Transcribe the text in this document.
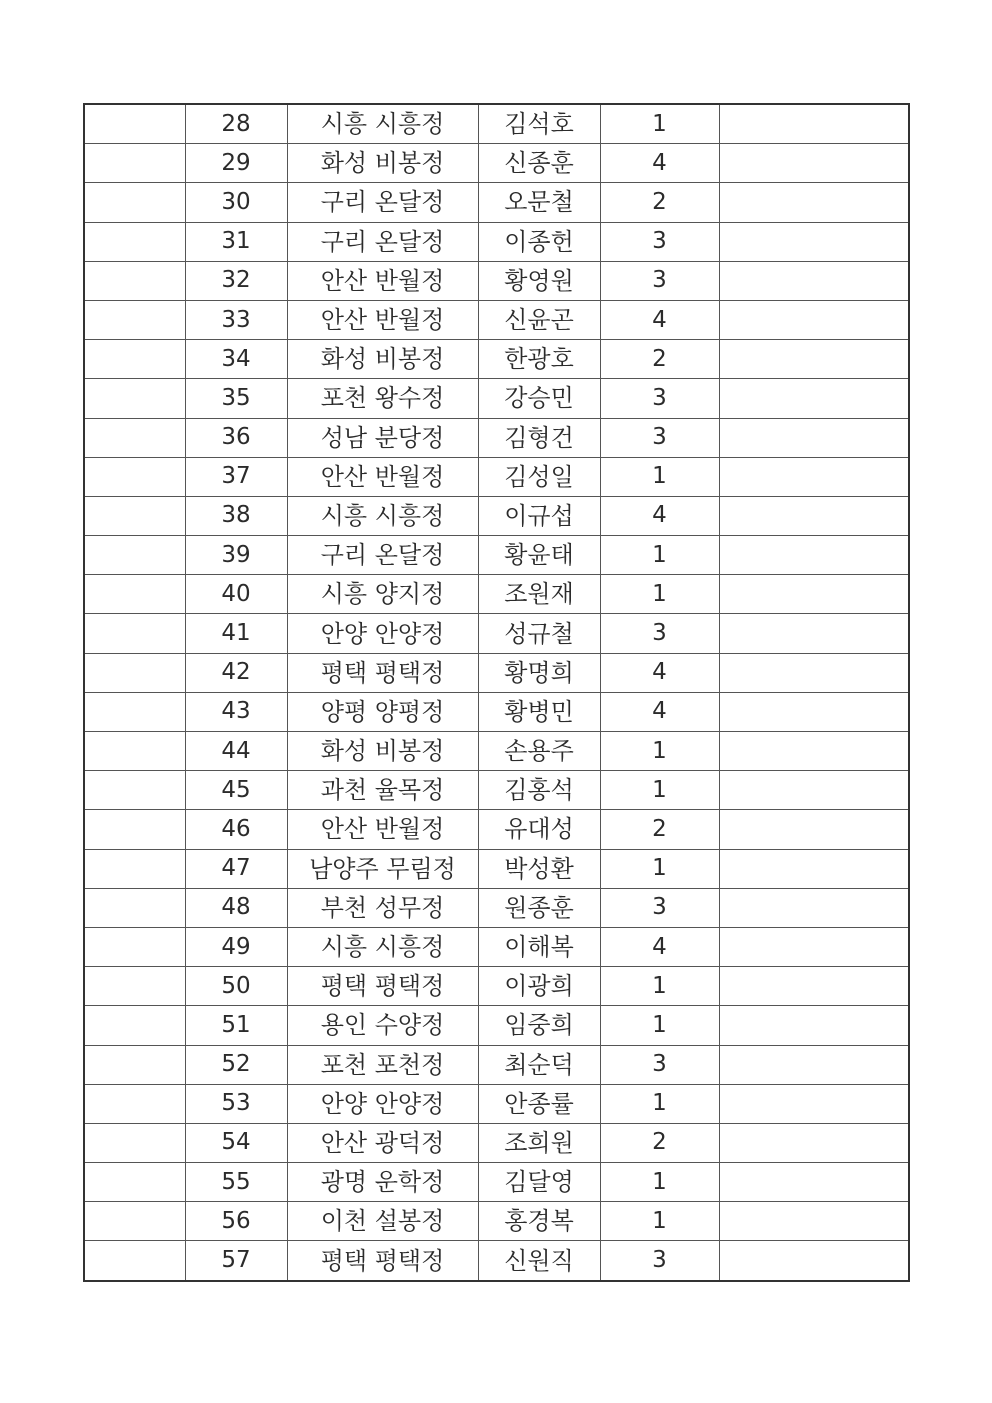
	28	시흥 시흥정	김석호	1	
	29	화성 비봉정	신종훈	4	
	30	구리 온달정	오문철	2	
	31	구리 온달정	이종헌	3	
	32	안산 반월정	황영원	3	
	33	안산 반월정	신윤곤	4	
	34	화성 비봉정	한광호	2	
	35	포천 왕수정	강승민	3	
	36	성남 분당정	김형건	3	
	37	안산 반월정	김성일	1	
	38	시흥 시흥정	이규섭	4	
	39	구리 온달정	황윤태	1	
	40	시흥 양지정	조원재	1	
	41	안양 안양정	성규철	3	
	42	평택 평택정	황명희	4	
	43	양평 양평정	황병민	4	
	44	화성 비봉정	손용주	1	
	45	과천 율목정	김홍석	1	
	46	안산 반월정	유대성	2	
	47	남양주 무림정	박성환	1	
	48	부천 성무정	원종훈	3	
	49	시흥 시흥정	이해복	4	
	50	평택 평택정	이광희	1	
	51	용인 수양정	임중희	1	
	52	포천 포천정	최순덕	3	
	53	안양 안양정	안종률	1	
	54	안산 광덕정	조희원	2	
	55	광명 운학정	김달영	1	
	56	이천 설봉정	홍경복	1	
	57	평택 평택정	신원직	3	
